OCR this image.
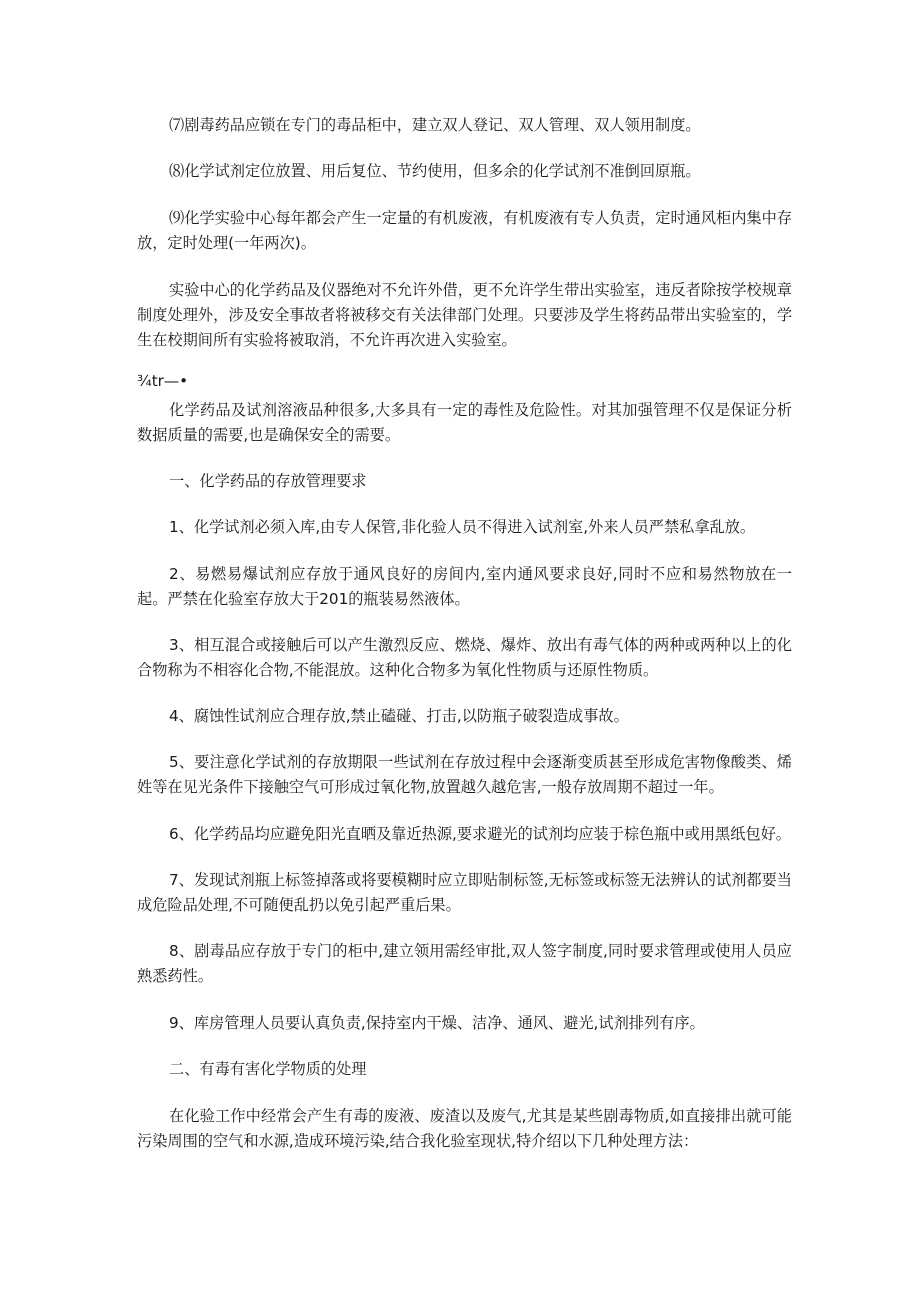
⑺剧毒药品应锁在专门的毒品柜中，建立双人登记、双人管理、双人领用制度。

⑻化学试剂定位放置、用后复位、节约使用，但多余的化学试剂不准倒回原瓶。

⑼化学实验中心每年都会产生一定量的有机废液，有机废液有专人负责，定时通风柜内集中存放，定时处理(一年两次)。

实验中心的化学药品及仪器绝对不允许外借，更不允许学生带出实验室，违反者除按学校规章制度处理外，涉及安全事故者将被移交有关法律部门处理。只要涉及学生将药品带出实验室的，学生在校期间所有实验将被取消，不允许再次进入实验室。

¾tr—•

化学药品及试剂溶液品种很多,大多具有一定的毒性及危险性。对其加强管理不仅是保证分析数据质量的需要,也是确保安全的需要。

一、化学药品的存放管理要求

1、化学试剂必须入库,由专人保管,非化验人员不得进入试剂室,外来人员严禁私拿乱放。

2、易燃易爆试剂应存放于通风良好的房间内,室内通风要求良好,同时不应和易然物放在一起。严禁在化验室存放大于201的瓶装易然液体。

3、相互混合或接触后可以产生激烈反应、燃烧、爆炸、放出有毒气体的两种或两种以上的化合物称为不相容化合物,不能混放。这种化合物多为氧化性物质与还原性物质。

4、腐蚀性试剂应合理存放,禁止磕碰、打击,以防瓶子破裂造成事故。

5、要注意化学试剂的存放期限一些试剂在存放过程中会逐渐变质甚至形成危害物像酸类、烯姓等在见光条件下接触空气可形成过氧化物,放置越久越危害,一般存放周期不超过一年。

6、化学药品均应避免阳光直晒及靠近热源,要求避光的试剂均应装于棕色瓶中或用黑纸包好。

7、发现试剂瓶上标签掉落或将要模糊时应立即贴制标签,无标签或标签无法辨认的试剂都要当成危险品处理,不可随便乱扔以免引起严重后果。

8、剧毒品应存放于专门的柜中,建立领用需经审批,双人签字制度,同时要求管理或使用人员应熟悉药性。

9、库房管理人员要认真负责,保持室内干燥、洁净、通风、避光,试剂排列有序。

二、有毒有害化学物质的处理

在化验工作中经常会产生有毒的废液、废渣以及废气,尤其是某些剧毒物质,如直接排出就可能污染周围的空气和水源,造成环境污染,结合我化验室现状,特介绍以下几种处理方法：
